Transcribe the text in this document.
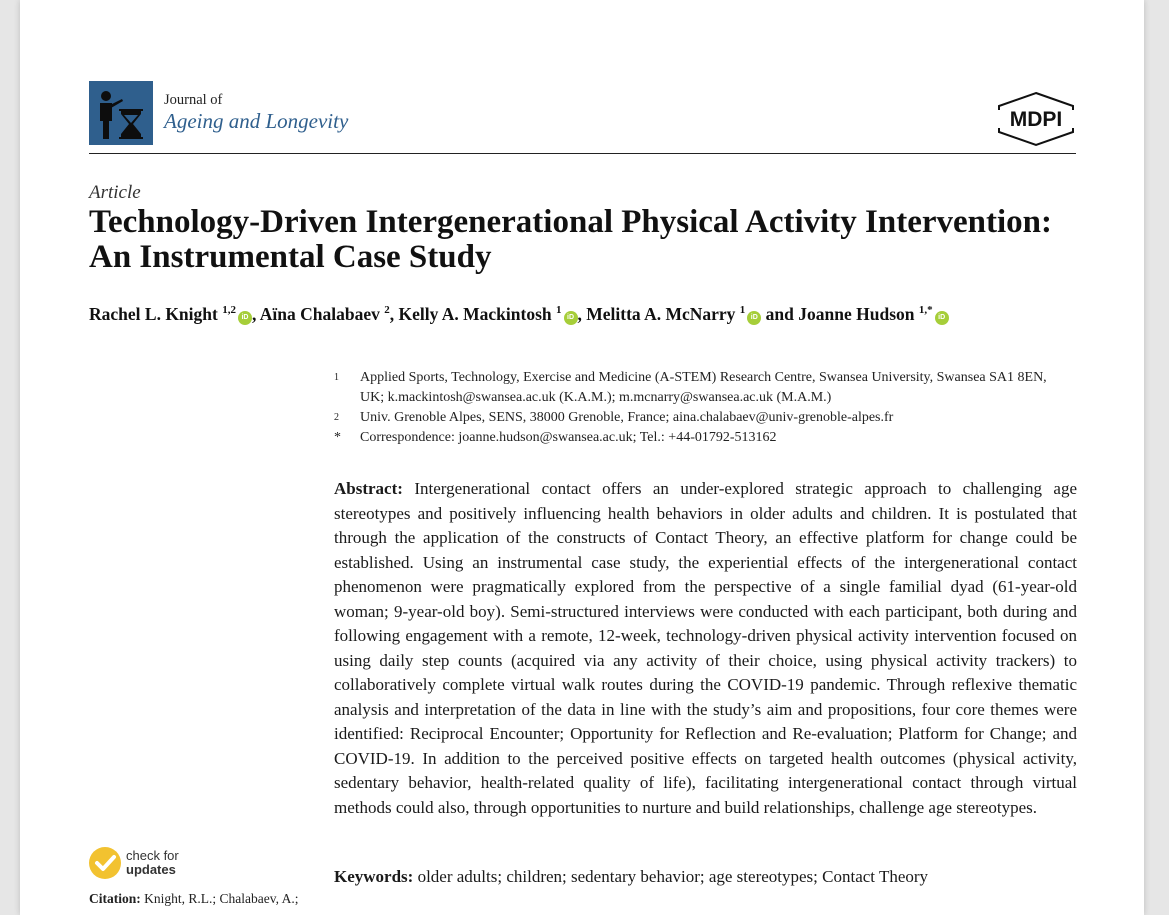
Journal of
Ageing and Longevity	MDPI
Article
Technology-Driven Intergenerational Physical Activity Intervention: An Instrumental Case Study
Rachel L. Knight $^{1,2}$iD , Aïna Chalabaev $^2$, Kelly A. Mackintosh $^1$iD , Melitta A. McNarry $^1$iD and Joanne Hudson $^{1,*}$iD
1	Applied Sports, Technology, Exercise and Medicine (A-STEM) Research Centre, Swansea University, Swansea SA1 8EN, UK; k.mackintosh@swansea.ac.uk (K.A.M.); m.mcnarry@swansea.ac.uk (M.A.M.)
2	Univ. Grenoble Alpes, SENS, 38000 Grenoble, France; aina.chalabaev@univ-grenoble-alpes.fr
*	Correspondence: joanne.hudson@swansea.ac.uk; Tel.: +44-01792-513162

Abstract: Intergenerational contact offers an under-explored strategic approach to challenging age stereotypes and positively influencing health behaviors in older adults and children. It is postulated that through the application of the constructs of Contact Theory, an effective platform for change could be established. Using an instrumental case study, the experiential effects of the intergenerational contact phenomenon were pragmatically explored from the perspective of a single familial dyad (61-year-old woman; 9-year-old boy). Semi-structured interviews were conducted with each participant, both during and following engagement with a remote, 12-week, technology-driven physical activity intervention focused on using daily step counts (acquired via any activity of their choice, using physical activity trackers) to collaboratively complete virtual walk routes during the COVID-19 pandemic. Through reflexive thematic analysis and interpretation of the data in line with the study’s aim and propositions, four core themes were identified: Reciprocal Encounter; Opportunity for Reflection and Re-evaluation; Platform for Change; and COVID-19. In addition to the perceived positive effects on targeted health outcomes (physical activity, sedentary behavior, health-related quality of life), facilitating intergenerational contact through virtual methods could also, through opportunities to nurture and build relationships, challenge age stereotypes.

check for
updates	Keywords: older adults; children; sedentary behavior; age stereotypes; Contact Theory
Citation: Knight, R.L.; Chalabaev, A.;
